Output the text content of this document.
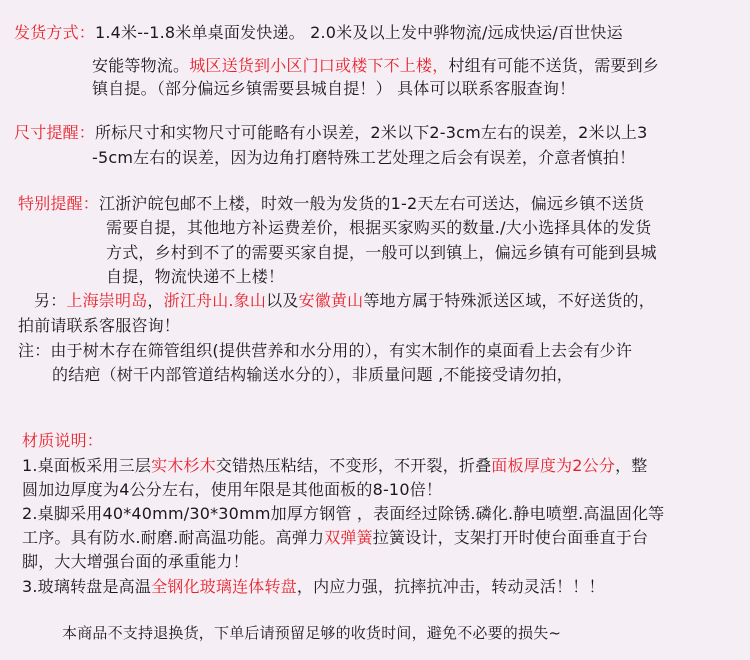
发货方式：1.4米--1.8米单桌面发快递。 2.0米及以上发中骅物流/远成快运/百世快运
安能等物流。城区送货到小区门口或楼下不上楼，村组有可能不送货，需要到乡
镇自提。（部分偏远乡镇需要县城自提！） 具体可以联系客服查询！
尺寸提醒：所标尺寸和实物尺寸可能略有小误差，2米以下2-3cm左右的误差，2米以上3
-5cm左右的误差，因为边角打磨特殊工艺处理之后会有误差，介意者慎拍！
特别提醒：江浙沪皖包邮不上楼，时效一般为发货的1-2天左右可送达，偏远乡镇不送货
需要自提，其他地方补运费差价，根据买家购买的数量./大小选择具体的发货
方式，乡村到不了的需要买家自提，一般可以到镇上，偏远乡镇有可能到县城
自提，物流快递不上楼！
另：上海崇明岛，浙江舟山.象山以及安徽黄山等地方属于特殊派送区域，不好送货的，
拍前请联系客服咨询！
注：由于树木存在筛管组织(提供营养和水分用的），有实木制作的桌面看上去会有少许
的结疤（树干内部管道结构输送水分的），非质量问题 ,不能接受请勿拍，
材质说明：
1.桌面板采用三层实木杉木交错热压粘结，不变形，不开裂，折叠面板厚度为2公分，整
圆加边厚度为4公分左右，使用年限是其他面板的8-10倍！
2.桌脚采用40*40mm/30*30mm加厚方钢管 ，表面经过除锈.磷化.静电喷塑.高温固化等
工序。具有防水.耐磨.耐高温功能。高弹力双弹簧拉簧设计，支架打开时使台面垂直于台
脚，大大增强台面的承重能力！
3.玻璃转盘是高温全钢化玻璃连体转盘，内应力强，抗摔抗冲击，转动灵活！！！
本商品不支持退换货，下单后请预留足够的收货时间，避免不必要的损失~
